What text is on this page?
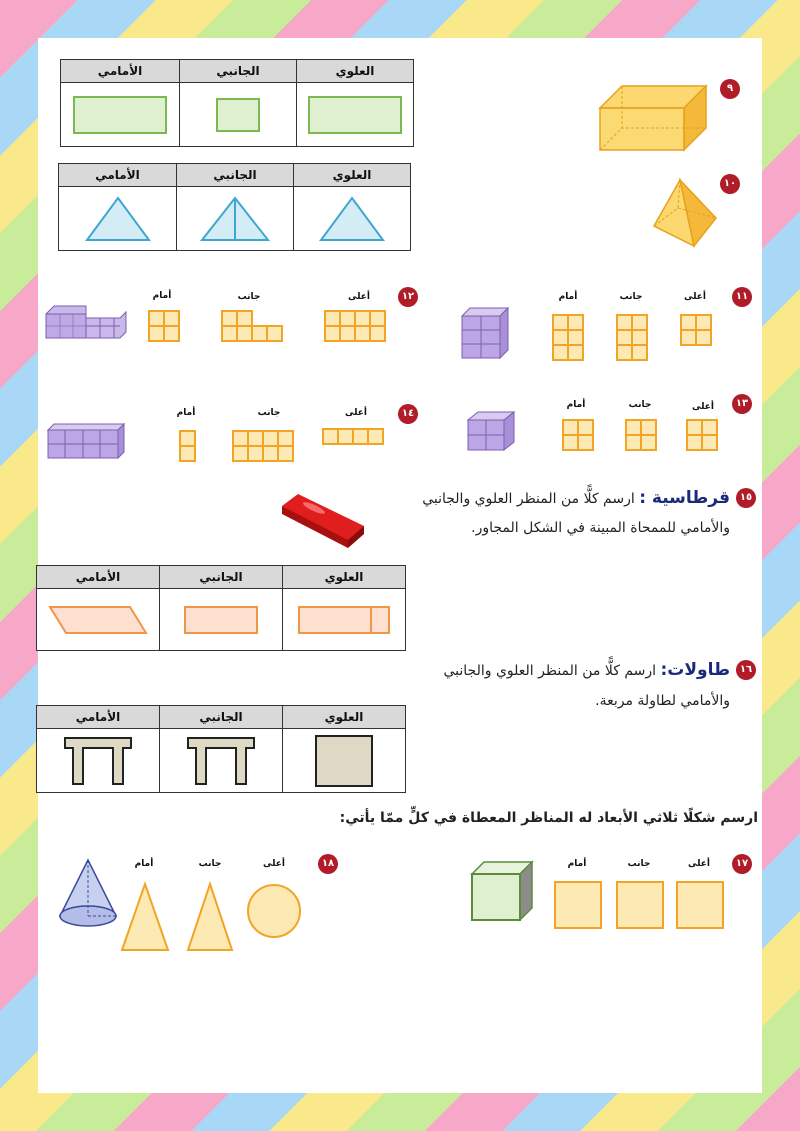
الأمامي	الجانبي	العلوي

٩
الأمامي	الجانبي	العلوي

١٠
١٢
أعلى
جانب
أمام	١١
أعلى
جانب
أمام
١٤
أعلى
جانب
أمام
١٣
أعلى
جانب
أمام
١٥
قرطاسية : ارسم كلًّا من المنظر العلوي والجانبي
والأمامي للممحاة المبينة في الشكل المجاور.
الأمامي	الجانبي	العلوي

١٦
طاولات: ارسم كلًّا من المنظر العلوي والجانبي
والأمامي لطاولة مربعة.
الأمامي	الجانبي	العلوي

ارسم شكلًا ثلاثي الأبعاد له المناظر المعطاة في كلٍّ ممّا يأتي:
١٧
أعلى
جانب
أمام
١٨
أعلى
جانب
أمام
